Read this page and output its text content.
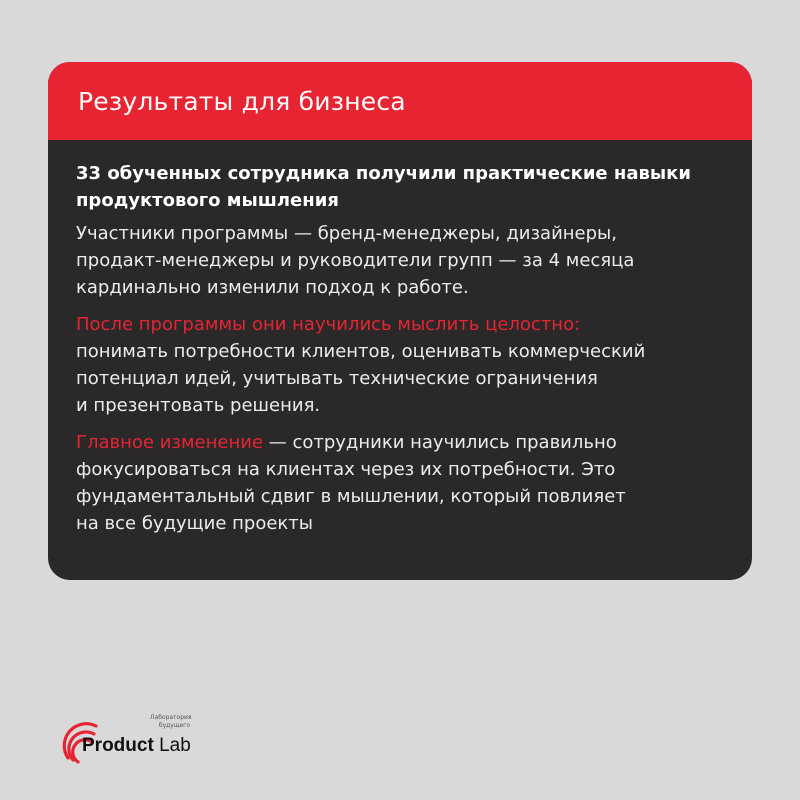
Результаты для бизнеса

33 обученных сотрудника получили практические навыки
продуктового мышления

Участники программы — бренд-менеджеры, дизайнеры,
продакт-менеджеры и руководители групп — за 4 месяца
кардинально изменили подход к работе.

После программы они научились мыслить целостно:
понимать потребности клиентов, оценивать коммерческий
потенциал идей, учитывать технические ограничения
и презентовать решения.

Главное изменение — сотрудники научились правильно
фокусироваться на клиентах через их потребности. Это
фундаментальный сдвиг в мышлении, который повлияет
на все будущие проекты

Лаборатория
будущего
Product Lab
